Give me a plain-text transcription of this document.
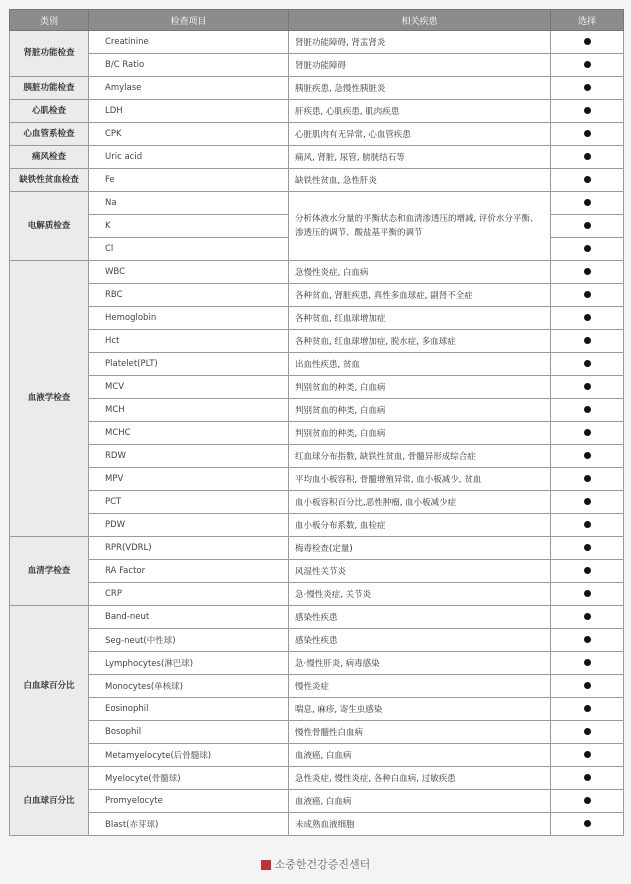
类别	检查项目	相关疾患	选择
肾脏功能检查	Creatinine	肾脏功能障碍, 肾盂肾炎	
	B/C Ratio	肾脏功能障碍	
胰脏功能检查	Amylase	胰脏疾患, 急慢性胰脏炎	
心肌检查	LDH	肝疾患, 心肌疾患, 肌肉疾患	
心血管系检查	CPK	心脏肌肉有无异常, 心血管疾患	
痛风检查	Uric acid	痛风, 肾脏, 尿管, 膀胱结石等	
缺铁性贫血检查	Fe	缺铁性贫血, 急性肝炎	
电解质检查	Na	分析体液水分量的平衡状态和血清渗透压的增减, 评价水分平衡、渗透压的调节、酸盐基平衡的调节	
	K		
	Cl		
血液学检查	WBC	急慢性炎症, 白血病	
	RBC	各种贫血, 肾脏疾患, 真性多血球症, 副肾不全症	
	Hemoglobin	各种贫血, 红血球增加症	
	Hct	各种贫血, 红血球增加症, 脱水症, 多血球症	
	Platelet(PLT)	出血性疾患, 贫血	
	MCV	判别贫血的种类, 白血病	
	MCH	判别贫血的种类, 白血病	
	MCHC	判别贫血的种类, 白血病	
	RDW	红血球分布指数, 缺铁性贫血, 骨髓异形成综合症	
	MPV	平均血小板容积, 骨髓增殖异常, 血小板减少, 贫血	
	PCT	血小板容积百分比,恶性肿瘤, 血小板减少症	
	PDW	血小板分布系数, 血栓症	
血清学检查	RPR(VDRL)	梅毒检查(定量)	
	RA Factor	风湿性关节炎	
	CRP	急·慢性炎症, 关节炎	
白血球百分比	Band-neut	感染性疾患	
	Seg-neut(中性球)	感染性疾患	
	Lymphocytes(淋巴球)	急·慢性肝炎, 病毒感染	
	Monocytes(单核球)	慢性炎症	
	Eosinophil	喘息, 麻疹, 寄生虫感染	
	Bosophil	慢性骨髓性白血病	
	Metamyelocyte(后骨髓球)	血液癌, 白血病	
白血球百分比	Myelocyte(骨髓球)	急性炎症, 慢性炎症, 各种白血病, 过敏疾患	
	Promyelocyte	血液癌, 白血病	
	Blast(赤芽球)	未成熟血液细胞	
소중한건강증진센터
